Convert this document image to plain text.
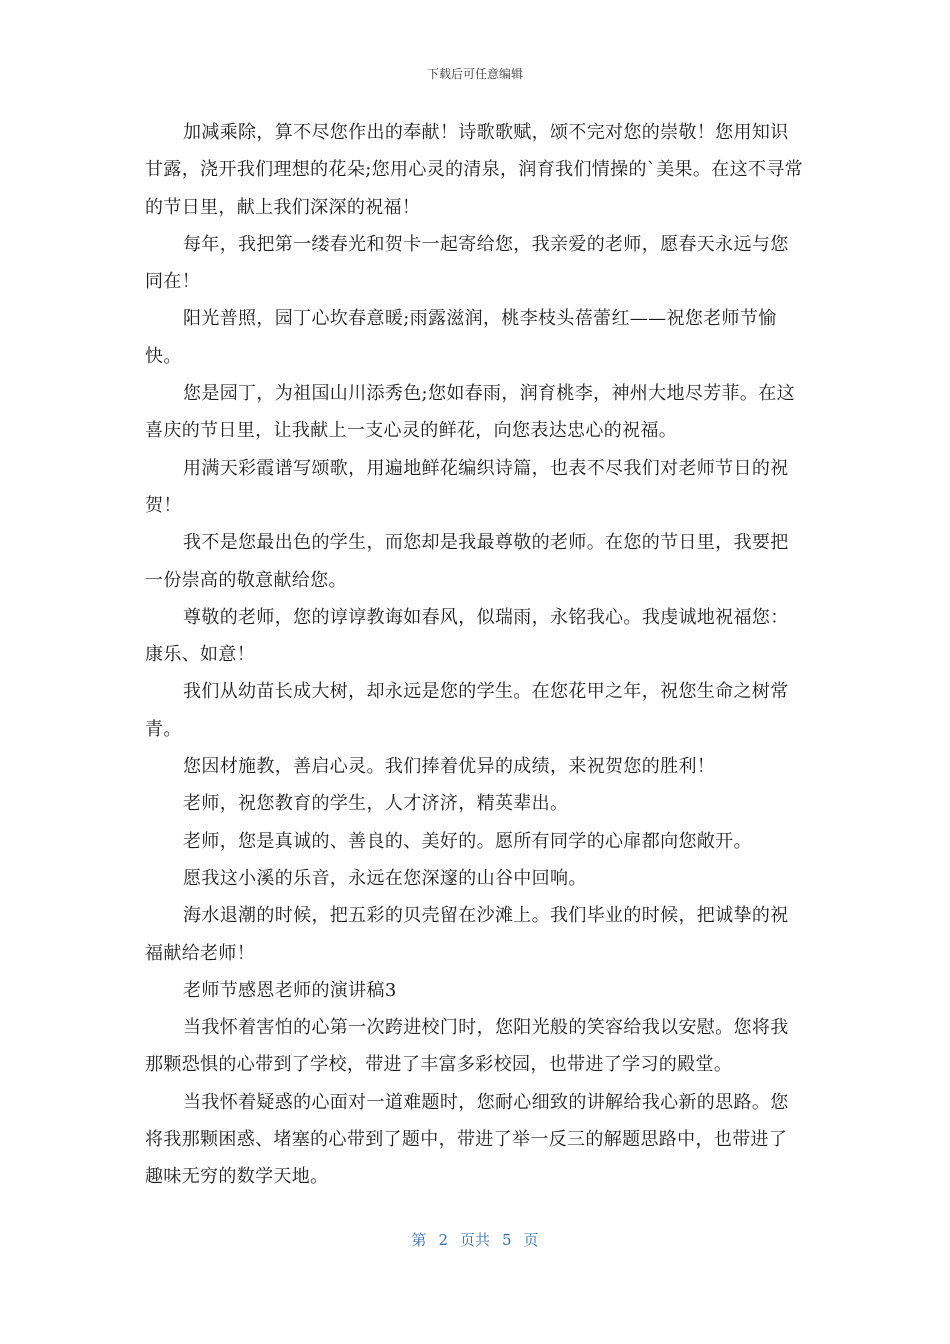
下载后可任意编辑

加减乘除，算不尽您作出的奉献！诗歌歌赋，颂不完对您的崇敬！您用知识甘露，浇开我们理想的花朵;您用心灵的清泉，润育我们情操的`美果。在这不寻常的节日里，献上我们深深的祝福！

每年，我把第一缕春光和贺卡一起寄给您，我亲爱的老师，愿春天永远与您同在！

阳光普照，园丁心坎春意暖;雨露滋润，桃李枝头蓓蕾红——祝您老师节愉快。

您是园丁，为祖国山川添秀色;您如春雨，润育桃李，神州大地尽芳菲。在这喜庆的节日里，让我献上一支心灵的鲜花，向您表达忠心的祝福。

用满天彩霞谱写颂歌，用遍地鲜花编织诗篇，也表不尽我们对老师节日的祝贺！

我不是您最出色的学生，而您却是我最尊敬的老师。在您的节日里，我要把一份崇高的敬意献给您。

尊敬的老师，您的谆谆教诲如春风，似瑞雨，永铭我心。我虔诚地祝福您：康乐、如意！

我们从幼苗长成大树，却永远是您的学生。在您花甲之年，祝您生命之树常青。

您因材施教，善启心灵。我们捧着优异的成绩，来祝贺您的胜利！

老师，祝您教育的学生，人才济济，精英辈出。

老师，您是真诚的、善良的、美好的。愿所有同学的心扉都向您敞开。

愿我这小溪的乐音，永远在您深邃的山谷中回响。

海水退潮的时候，把五彩的贝壳留在沙滩上。我们毕业的时候，把诚挚的祝福献给老师！

老师节感恩老师的演讲稿3

当我怀着害怕的心第一次跨进校门时，您阳光般的笑容给我以安慰。您将我那颗恐惧的心带到了学校，带进了丰富多彩校园，也带进了学习的殿堂。

当我怀着疑惑的心面对一道难题时，您耐心细致的讲解给我心新的思路。您将我那颗困惑、堵塞的心带到了题中，带进了举一反三的解题思路中，也带进了趣味无穷的数学天地。

第 2 页共 5 页
